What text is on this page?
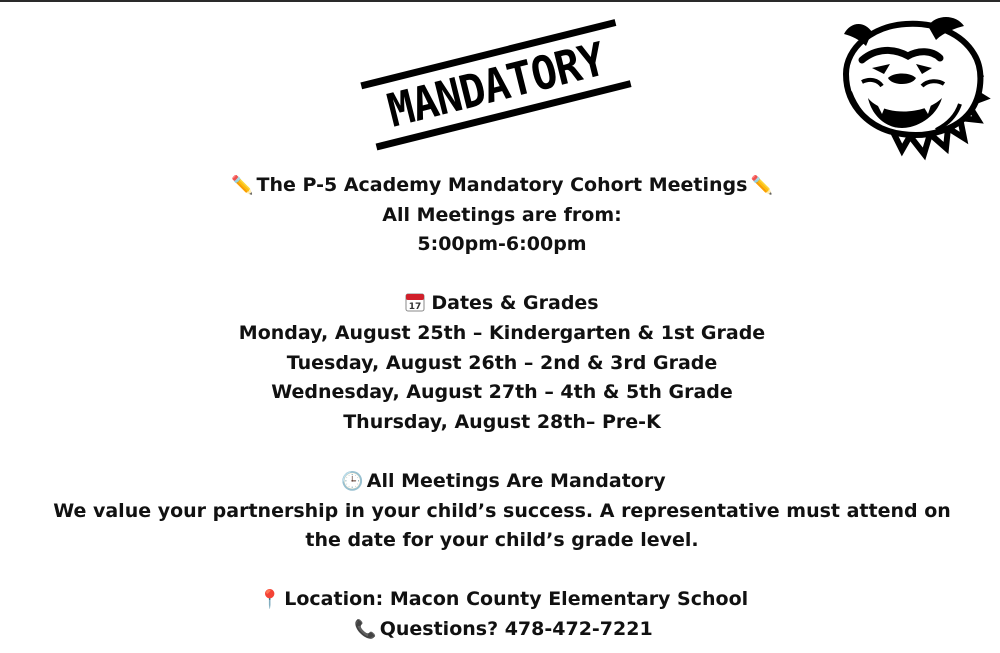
MANDATORY
✏️ The P-5 Academy Mandatory Cohort Meetings ✏️
All Meetings are from:
5:00pm-6:00pm
17 Dates & Grades
Monday, August 25th – Kindergarten & 1st Grade
Tuesday, August 26th – 2nd & 3rd Grade
Wednesday, August 27th – 4th & 5th Grade
Thursday, August 28th– Pre-K
🕒 All Meetings Are Mandatory
We value your partnership in your child’s success. A representative must attend on the date for your child’s grade level.
📍 Location: Macon County Elementary School
📞 Questions? 478-472-7221
